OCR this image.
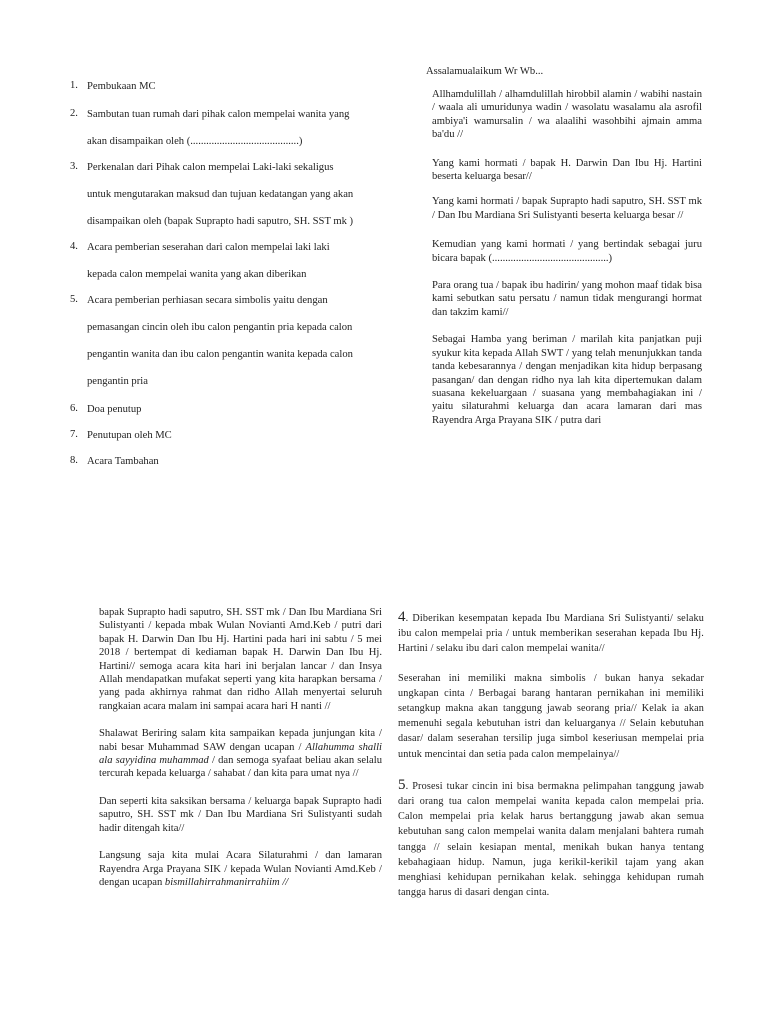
1. Pembukaan MC
2. Sambutan tuan rumah dari pihak calon mempelai wanita yang
akan disampaikan oleh (.........................................)
3. Perkenalan dari Pihak calon mempelai Laki-laki sekaligus
untuk mengutarakan maksud dan tujuan kedatangan yang akan
disampaikan oleh (bapak Suprapto hadi saputro, SH. SST mk )
4. Acara pemberian seserahan dari calon mempelai laki laki
kepada calon mempelai wanita yang akan diberikan
5. Acara pemberian perhiasan secara simbolis yaitu dengan
pemasangan cincin oleh ibu calon pengantin pria kepada calon
pengantin wanita dan ibu calon pengantin wanita kepada calon
pengantin pria
6. Doa penutup
7. Penutupan oleh MC
8. Acara Tambahan
Assalamualaikum Wr Wb...

Allhamdulillah / alhamdulillah hirobbil alamin / wabihi nastain / waala ali umuridunya wadin / wasolatu wasalamu ala asrofil ambiya'i wamursalin / wa alaalihi wasohbihi ajmain amma ba'du //

Yang kami hormati / bapak H. Darwin Dan Ibu Hj. Hartini beserta keluarga besar//

Yang kami hormati / bapak Suprapto hadi saputro, SH. SST mk / Dan Ibu Mardiana Sri Sulistyanti beserta keluarga besar //

Kemudian yang kami hormati / yang bertindak sebagai juru bicara bapak (............................................)

Para orang tua / bapak ibu hadirin/ yang mohon maaf tidak bisa kami sebutkan satu persatu / namun tidak mengurangi hormat dan takzim kami//

Sebagai Hamba yang beriman / marilah kita panjatkan puji syukur kita kepada Allah SWT / yang telah menunjukkan tanda tanda kebesarannya / dengan menjadikan kita hidup berpasang pasangan/ dan dengan ridho nya lah kita dipertemukan dalam suasana kekeluargaan / suasana yang membahagiakan ini / yaitu silaturahmi keluarga dan acara lamaran dari mas Rayendra Arga Prayana SIK / putra dari

bapak Suprapto hadi saputro, SH. SST mk / Dan Ibu Mardiana Sri Sulistyanti / kepada mbak Wulan Novianti Amd.Keb / putri dari bapak H. Darwin Dan Ibu Hj. Hartini pada hari ini sabtu / 5 mei 2018 / bertempat di kediaman bapak H. Darwin Dan Ibu Hj. Hartini// semoga acara kita hari ini berjalan lancar / dan Insya Allah mendapatkan mufakat seperti yang kita harapkan bersama / yang pada akhirnya rahmat dan ridho Allah menyertai seluruh rangkaian acara malam ini sampai acara hari H nanti //

Shalawat Beriring salam kita sampaikan kepada junjungan kita / nabi besar Muhammad SAW dengan ucapan / Allahumma shalli ala sayyidina muhammad / dan semoga syafaat beliau akan selalu tercurah kepada keluarga / sahabat / dan kita para umat nya //

Dan seperti kita saksikan bersama / keluarga bapak Suprapto hadi saputro, SH. SST mk / Dan Ibu Mardiana Sri Sulistyanti sudah hadir ditengah kita//

Langsung saja kita mulai Acara Silaturahmi / dan lamaran Rayendra Arga Prayana SIK / kepada Wulan Novianti Amd.Keb / dengan ucapan bismillahirrahmanirrahiim //

4. Diberikan kesempatan kepada Ibu Mardiana Sri Sulistyanti/ selaku ibu calon mempelai pria / untuk memberikan seserahan kepada Ibu Hj. Hartini / selaku ibu dari calon mempelai wanita//

Seserahan ini memiliki makna simbolis / bukan hanya sekadar ungkapan cinta / Berbagai barang hantaran pernikahan ini memiliki setangkup makna akan tanggung jawab seorang pria// Kelak ia akan memenuhi segala kebutuhan istri dan keluarganya // Selain kebutuhan dasar/ dalam seserahan tersilip juga simbol keseriusan mempelai pria untuk mencintai dan setia pada calon mempelainya//

5. Prosesi tukar cincin ini bisa bermakna pelimpahan tanggung jawab dari orang tua calon mempelai wanita kepada calon mempelai pria. Calon mempelai pria kelak harus bertanggung jawab akan semua kebutuhan sang calon mempelai wanita dalam menjalani bahtera rumah tangga // selain kesiapan mental, menikah bukan hanya tentang kebahagiaan hidup. Namun, juga kerikil-kerikil tajam yang akan menghiasi kehidupan pernikahan kelak. sehingga kehidupan rumah tangga harus di dasari dengan cinta.
